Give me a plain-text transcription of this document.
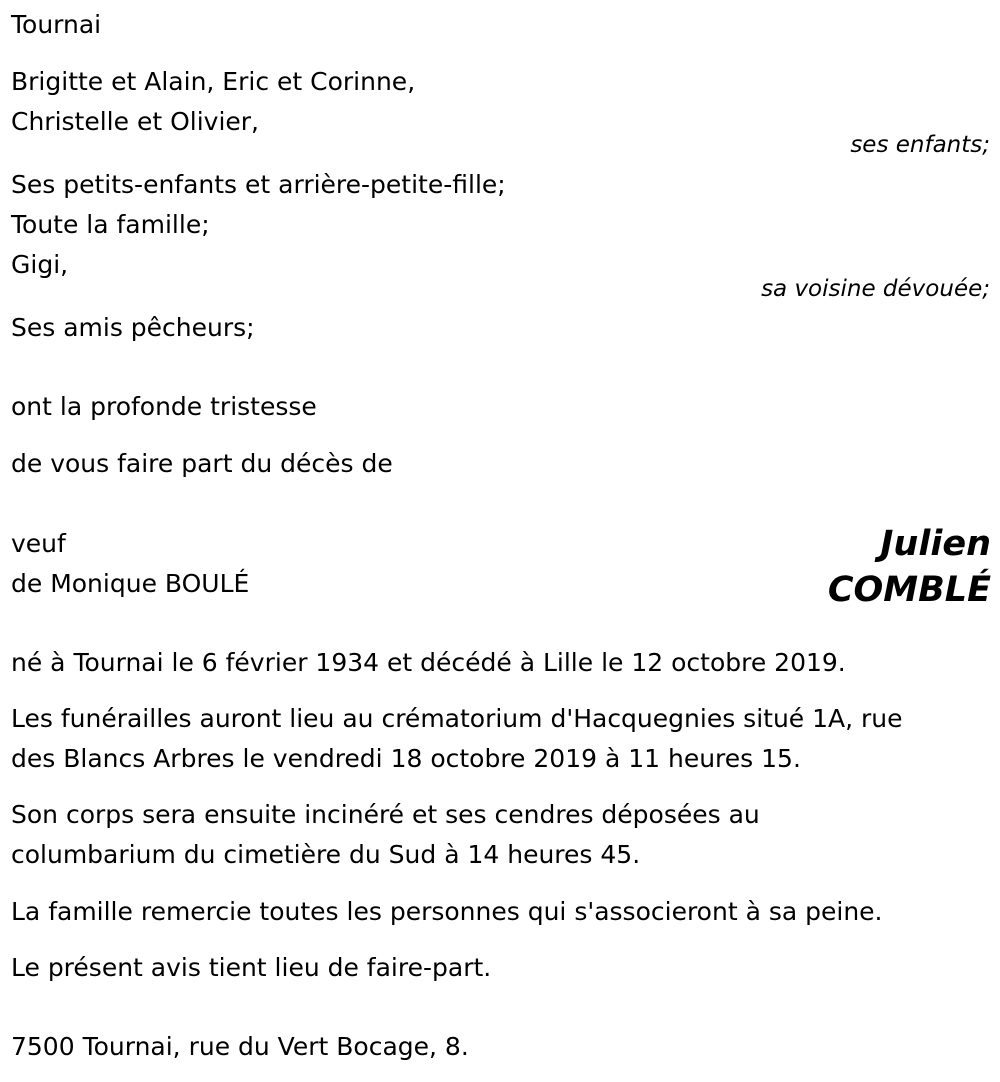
Tournai
Brigitte et Alain, Eric et Corinne,
Christelle et Olivier,
ses enfants;
Ses petits-enfants et arrière-petite-fille;
Toute la famille;
Gigi,
sa voisine dévouée;
Ses amis pêcheurs;
ont la profonde tristesse
de vous faire part du décès de
veuf
de Monique BOULÉ
Julien
COMBLÉ
né à Tournai le 6 février 1934 et décédé à Lille le 12 octobre 2019.
Les funérailles auront lieu au crématorium d'Hacquegnies situé 1A, rue
des Blancs Arbres le vendredi 18 octobre 2019 à 11 heures 15.
Son corps sera ensuite incinéré et ses cendres déposées au
columbarium du cimetière du Sud à 14 heures 45.
La famille remercie toutes les personnes qui s'associeront à sa peine.
Le présent avis tient lieu de faire-part.
7500 Tournai, rue du Vert Bocage, 8.
